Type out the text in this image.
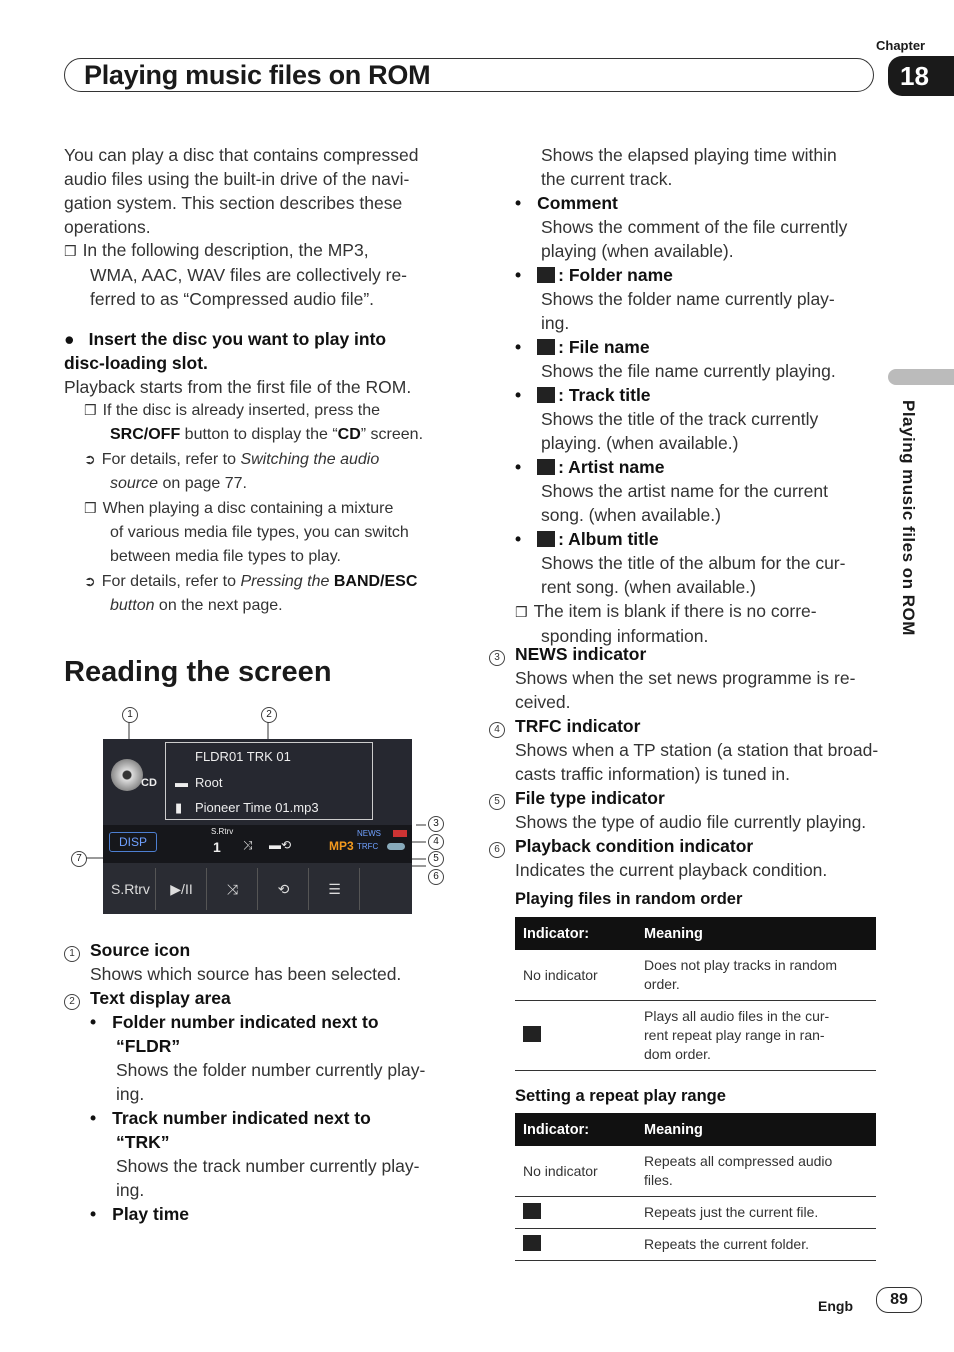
Chapter
18
Playing music files on ROM
Playing music files on ROM
You can play a disc that contains compressed
audio files using the built-in drive of the navi-
gation system. This section describes these
operations.
❒ In the following description, the MP3,
WMA, AAC, WAV files are collectively re-
ferred to as “Compressed audio file”.
● Insert the disc you want to play into
disc-loading slot.
Playback starts from the first file of the ROM.
❒ If the disc is already inserted, press the
SRC/OFF button to display the “CD” screen.
➲ For details, refer to Switching the audio
source on page 77.
❒ When playing a disc containing a mixture
of various media file types, you can switch
between media file types to play.
➲ For details, refer to Pressing the BAND/ESC
button on the next page.
Reading the screen
1	2
3
4
5
6
7
CD
FLDR01 TRK 01
▬ Root
▮ Pioneer Time 01.mp3
DISP
S.Rtrv
1 ⤨ ▬⟲	MP3
NEWS
TRFC
S.Rtrv	▶/II	⤨	⟲	☰
1 Source icon
Shows which source has been selected.
2 Text display area
• Folder number indicated next to
“FLDR”
Shows the folder number currently play-
ing.
• Track number indicated next to
“TRK”
Shows the track number currently play-
ing.
• Play time
Shows the elapsed playing time within
the current track.
• Comment
Shows the comment of the file currently
playing (when available).
• : Folder name
Shows the folder name currently play-
ing.
• : File name
Shows the file name currently playing.
• : Track title
Shows the title of the track currently
playing. (when available.)
• : Artist name
Shows the artist name for the current
song. (when available.)
• : Album title
Shows the title of the album for the cur-
rent song. (when available.)
❒ The item is blank if there is no corre-
sponding information.
3 NEWS indicator
Shows when the set news programme is re-
ceived.
4 TRFC indicator
Shows when a TP station (a station that broad-
casts traffic information) is tuned in.
5 File type indicator
Shows the type of audio file currently playing.
6 Playback condition indicator
Indicates the current playback condition.
Playing files in random order
Indicator:	Meaning
No indicator	Does not play tracks in random
order.

	Plays all audio files in the cur-
rent repeat play range in ran-
dom order.
Setting a repeat play range
Indicator:	Meaning
No indicator	Repeats all compressed audio
files.

	Repeats just the current file.
	Repeats the current folder.
Engb	89
